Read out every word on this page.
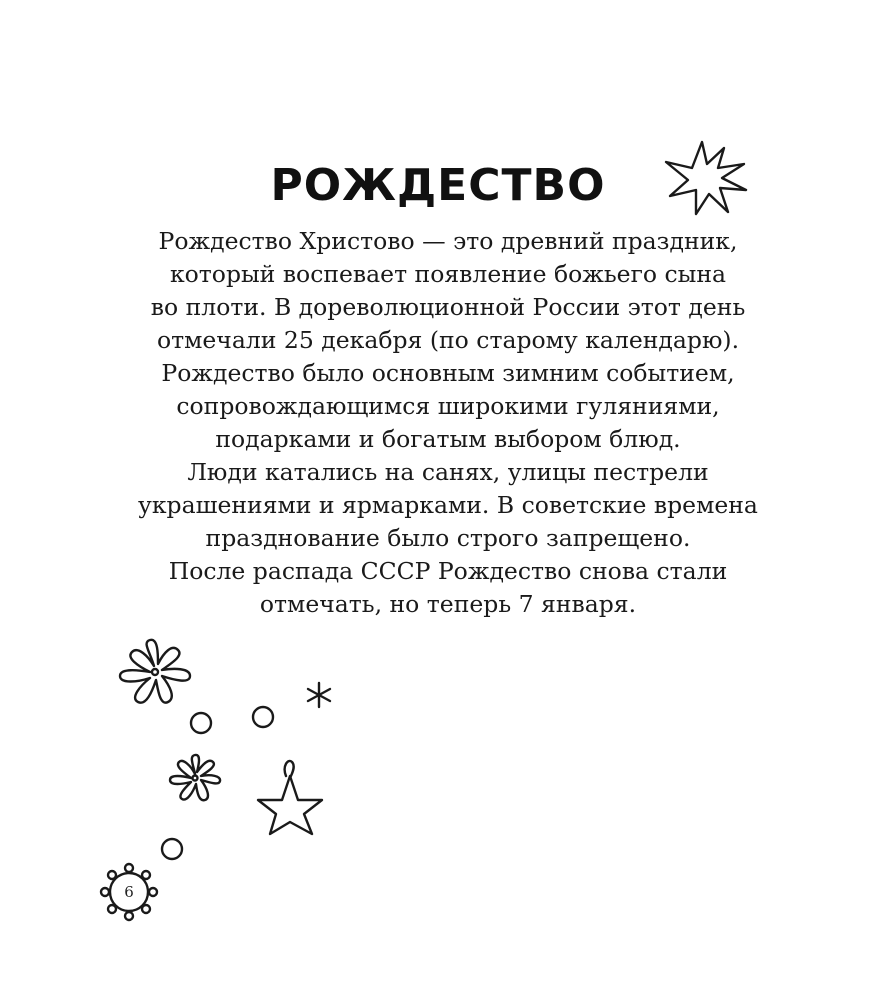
РОЖДЕСТВО
Рождество Христово — это древний праздник,
который воспевает появление божьего сына
во плоти. В дореволюционной России этот день
отмечали 25 декабря (по старому календарю).
Рождество было основным зимним событием,
сопровождающимся широкими гуляниями,
подарками и богатым выбором блюд.
Люди катались на санях, улицы пестрели
украшениями и ярмарками. В советские времена
празднование было строго запрещено.
После распада СССР Рождество снова стали
отмечать, но теперь 7 января.
6
